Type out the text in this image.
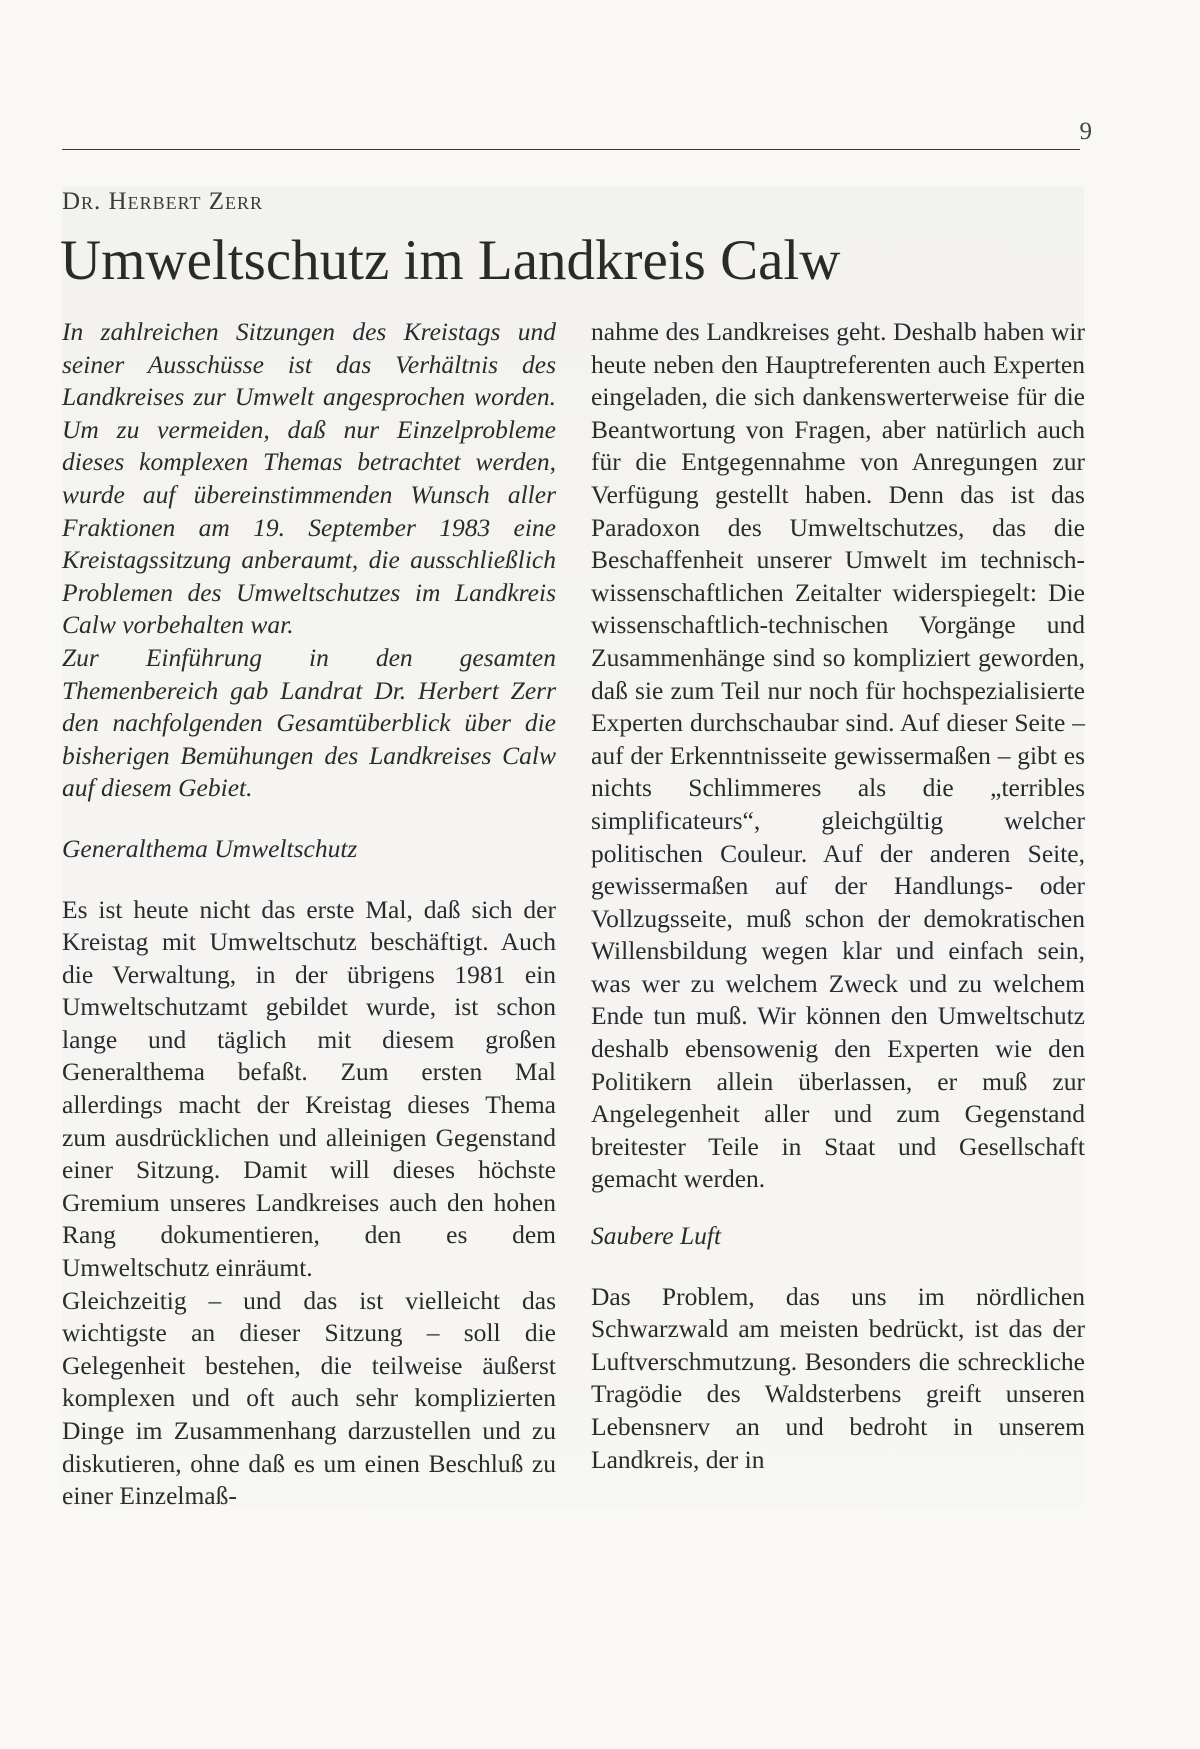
9
Dr. Herbert Zerr
Umweltschutz im Landkreis Calw

In zahlreichen Sitzungen des Kreistags und seiner Ausschüsse ist das Verhältnis des Landkreises zur Umwelt angesprochen worden. Um zu vermeiden, daß nur Einzelprobleme dieses komplexen Themas betrachtet werden, wurde auf übereinstimmenden Wunsch aller Fraktionen am 19. September 1983 eine Kreistagssitzung anberaumt, die ausschließlich Problemen des Umweltschutzes im Landkreis Calw vorbehalten war.

Zur Einführung in den gesamten Themenbereich gab Landrat Dr. Herbert Zerr den nachfolgenden Gesamtüberblick über die bisherigen Bemühungen des Landkreises Calw auf diesem Gebiet.

Generalthema Umweltschutz

Es ist heute nicht das erste Mal, daß sich der Kreistag mit Umweltschutz beschäftigt. Auch die Verwaltung, in der übrigens 1981 ein Umweltschutzamt gebildet wurde, ist schon lange und täglich mit diesem großen Generalthema befaßt. Zum ersten Mal allerdings macht der Kreistag dieses Thema zum ausdrücklichen und alleinigen Gegenstand einer Sitzung. Damit will dieses höchste Gremium unseres Landkreises auch den hohen Rang dokumentieren, den es dem Umweltschutz einräumt.

Gleichzeitig – und das ist vielleicht das wichtigste an dieser Sitzung – soll die Gelegenheit bestehen, die teilweise äußerst komplexen und oft auch sehr komplizierten Dinge im Zusammenhang darzustellen und zu diskutieren, ohne daß es um einen Beschluß zu einer Einzelmaß-

nahme des Landkreises geht. Deshalb haben wir heute neben den Hauptreferenten auch Experten eingeladen, die sich dankenswerterweise für die Beantwortung von Fragen, aber natürlich auch für die Entgegennahme von Anregungen zur Verfügung gestellt haben. Denn das ist das Paradoxon des Umweltschutzes, das die Beschaffenheit unserer Umwelt im technisch-wissenschaftlichen Zeitalter widerspiegelt: Die wissenschaftlich-technischen Vorgänge und Zusammenhänge sind so kompliziert geworden, daß sie zum Teil nur noch für hochspezialisierte Experten durchschaubar sind. Auf dieser Seite – auf der Erkenntnisseite gewissermaßen – gibt es nichts Schlimmeres als die „terribles simplificateurs“, gleichgültig welcher politischen Couleur. Auf der anderen Seite, gewissermaßen auf der Handlungs- oder Vollzugsseite, muß schon der demokratischen Willensbildung wegen klar und einfach sein, was wer zu welchem Zweck und zu welchem Ende tun muß. Wir können den Umweltschutz deshalb ebensowenig den Experten wie den Politikern allein überlassen, er muß zur Angelegenheit aller und zum Gegenstand breitester Teile in Staat und Gesellschaft gemacht werden.

Saubere Luft

Das Problem, das uns im nördlichen Schwarzwald am meisten bedrückt, ist das der Luftverschmutzung. Besonders die schreckliche Tragödie des Waldsterbens greift unseren Lebensnerv an und bedroht in unserem Landkreis, der in
